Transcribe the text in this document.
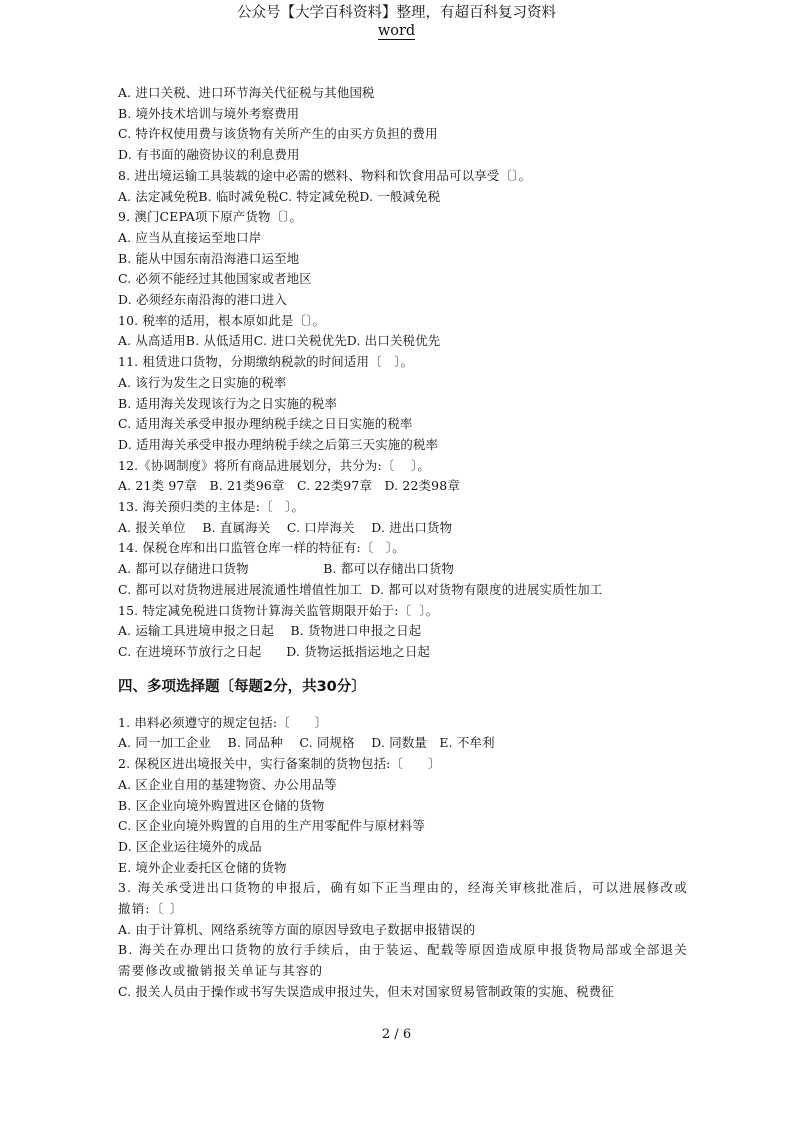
公众号【大学百科资料】整理，有超百科复习资料
word
A. 进口关税、进口环节海关代征税与其他国税
B. 境外技术培训与境外考察费用
C. 特许权使用费与该货物有关所产生的由买方负担的费用
D. 有书面的融资协议的利息费用
8. 进出境运输工具装载的途中必需的燃料、物料和饮食用品可以享受〔〕。
A. 法定减免税B. 临时减免税C. 特定减免税D. 一般减免税
9. 澳门CEPA项下原产货物〔〕。
A. 应当从直接运至地口岸
B. 能从中国东南沿海港口运至地
C. 必须不能经过其他国家或者地区
D. 必须经东南沿海的港口进入
10. 税率的适用，根本原如此是〔〕。
A. 从高适用B. 从低适用C. 进口关税优先D. 出口关税优先
11. 租赁进口货物，分期缴纳税款的时间适用〔   〕。
A. 该行为发生之日实施的税率
B. 适用海关发现该行为之日实施的税率
C. 适用海关承受申报办理纳税手续之日日实施的税率
D. 适用海关承受申报办理纳税手续之后第三天实施的税率
12.《协调制度》将所有商品进展划分，共分为:〔    〕。
A. 21类 97章   B. 21类96章   C. 22类97章   D. 22类98章
13. 海关预归类的主体是:〔   〕。
A. 报关单位    B. 直属海关    C. 口岸海关    D. 进出口货物
14. 保税仓库和出口监管仓库一样的特征有:〔   〕。
A. 都可以存储进口货物                  B. 都可以存储出口货物
C. 都可以对货物进展进展流通性增值性加工  D. 都可以对货物有限度的进展实质性加工
15. 特定减免税进口货物计算海关监管期限开始于:〔  〕。
A. 运输工具进境申报之日起    B. 货物进口申报之日起
C. 在进境环节放行之日起      D. 货物运抵指运地之日起
四、多项选择题〔每题2分，共30分〕
1. 串料必须遵守的规定包括:〔      〕
A. 同一加工企业    B. 同品种    C. 同规格    D. 同数量   E. 不牟利
2. 保税区进出境报关中，实行备案制的货物包括:〔      〕
A. 区企业自用的基建物资、办公用品等
B. 区企业向境外购置进区仓储的货物
C. 区企业向境外购置的自用的生产用零配件与原材料等
D. 区企业运往境外的成品
E. 境外企业委托区仓储的货物
3. 海关承受进出口货物的申报后，确有如下正当理由的，经海关审核批准后，可以进展修改或撤销:〔 〕
A. 由于计算机、网络系统等方面的原因导致电子数据申报错误的
B. 海关在办理出口货物的放行手续后，由于装运、配载等原因造成原申报货物局部或全部退关需要修改或撤销报关单证与其容的
C. 报关人员由于操作或书写失误造成申报过失，但未对国家贸易管制政策的实施、税费征
2 / 6
